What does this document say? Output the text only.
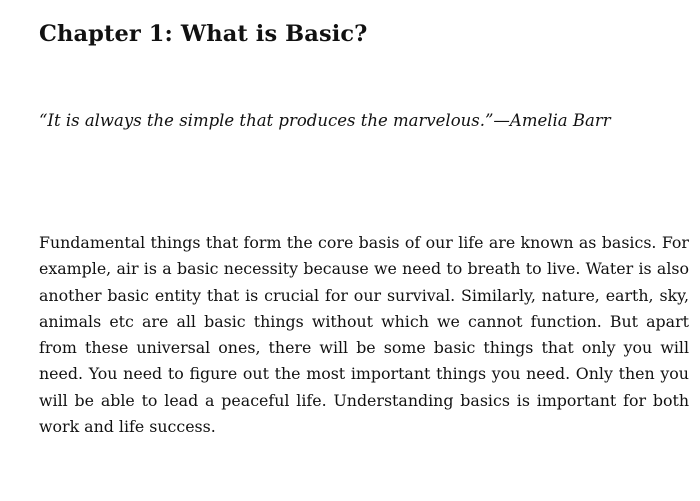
Chapter 1: What is Basic?

“It is always the simple that produces the marvelous.”—Amelia Barr

Fundamental things that form the core basis of our life are known as basics. For example, air is a basic necessity because we need to breath to live. Water is also another basic entity that is crucial for our survival. Similarly, nature, earth, sky, animals etc are all basic things without which we cannot function. But apart from these universal ones, there will be some basic things that only you will need. You need to figure out the most important things you need. Only then you will be able to lead a peaceful life. Understanding basics is important for both work and life success.
